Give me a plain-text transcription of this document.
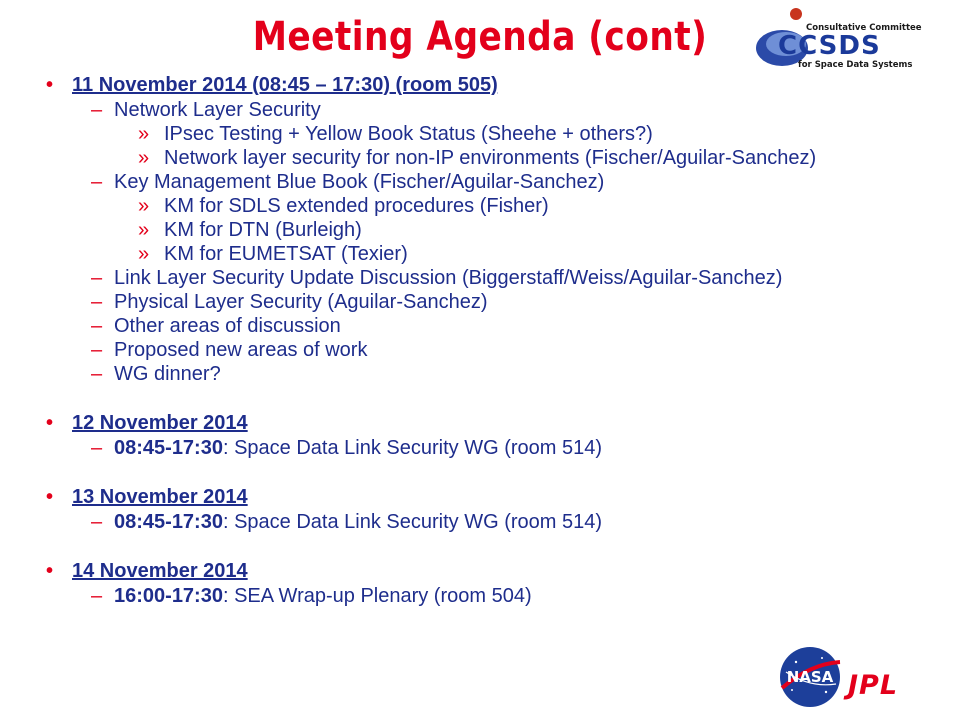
Meeting Agenda (cont)	Consultative Committee
CCSDS
for Space Data Systems
• 11 November 2014 (08:45 – 17:30) (room 505)
– Network Layer Security
» IPsec Testing + Yellow Book Status (Sheehe + others?)
» Network layer security for non-IP environments (Fischer/Aguilar-Sanchez)
– Key Management Blue Book (Fischer/Aguilar-Sanchez)
» KM for SDLS extended procedures (Fisher)
» KM for DTN (Burleigh)
» KM for EUMETSAT (Texier)
– Link Layer Security Update Discussion (Biggerstaff/Weiss/Aguilar-Sanchez)
– Physical Layer Security (Aguilar-Sanchez)
– Other areas of discussion
– Proposed new areas of work
– WG dinner?
• 12 November 2014
– 08:45-17:30: Space Data Link Security WG (room 514)
• 13 November 2014
– 08:45-17:30: Space Data Link Security WG (room 514)
• 14 November 2014
– 16:00-17:30: SEA Wrap-up Plenary (room 504)
NASA JPL
